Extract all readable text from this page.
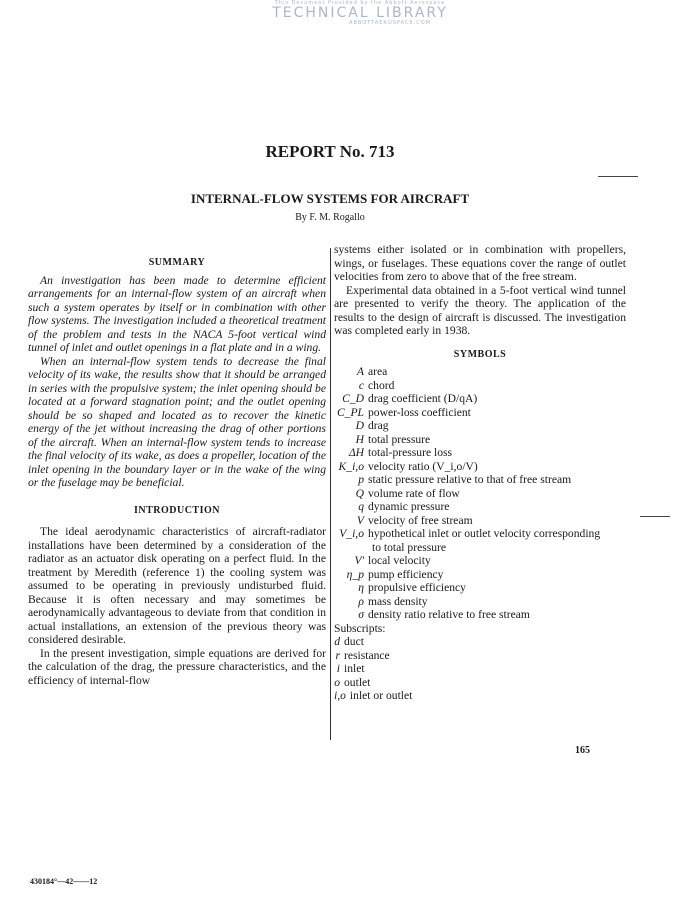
This Document Provided by the Abbott Aerospace
TECHNICAL LIBRARY
ABBOTTAEROSPACE.COM
REPORT No. 713
INTERNAL-FLOW SYSTEMS FOR AIRCRAFT
By F. M. Rogallo
SUMMARY

An investigation has been made to determine efficient arrangements for an internal-flow system of an aircraft when such a system operates by itself or in combination with other flow systems. The investigation included a theoretical treatment of the problem and tests in the NACA 5-foot vertical wind tunnel of inlet and outlet openings in a flat plate and in a wing.

When an internal-flow system tends to decrease the final velocity of its wake, the results show that it should be arranged in series with the propulsive system; the inlet opening should be located at a forward stagnation point; and the outlet opening should be so shaped and located as to recover the kinetic energy of the jet without increasing the drag of other portions of the aircraft. When an internal-flow system tends to increase the final velocity of its wake, as does a propeller, location of the inlet opening in the boundary layer or in the wake of the wing or the fuselage may be beneficial.

INTRODUCTION

The ideal aerodynamic characteristics of aircraft-radiator installations have been determined by a consideration of the radiator as an actuator disk operating on a perfect fluid. In the treatment by Meredith (reference 1) the cooling system was assumed to be operating in previously undisturbed fluid. Because it is often necessary and may sometimes be aerodynamically advantageous to deviate from that condition in actual installations, an extension of the previous theory was considered desirable.

In the present investigation, simple equations are derived for the calculation of the drag, the pressure characteristics, and the efficiency of internal-flow

systems either isolated or in combination with propellers, wings, or fuselages. These equations cover the range of outlet velocities from zero to above that of the free stream.

Experimental data obtained in a 5-foot vertical wind tunnel are presented to verify the theory. The application of the results to the design of aircraft is discussed. The investigation was completed early in 1938.

SYMBOLS
A area
c chord
C_D drag coefficient (D/qA)
C_PL power-loss coefficient
D drag
H total pressure
ΔH total-pressure loss
K_i,o velocity ratio (V_i,o/V)
p static pressure relative to that of free stream
Q volume rate of flow
q dynamic pressure
V velocity of free stream
V_i,o hypothetical inlet or outlet velocity corresponding
to total pressure
V' local velocity
η_p pump efficiency
η propulsive efficiency
ρ mass density
σ density ratio relative to free stream
Subscripts:
d duct
r resistance
i inlet
o outlet
i,o inlet or outlet
165
430184°—42——12
